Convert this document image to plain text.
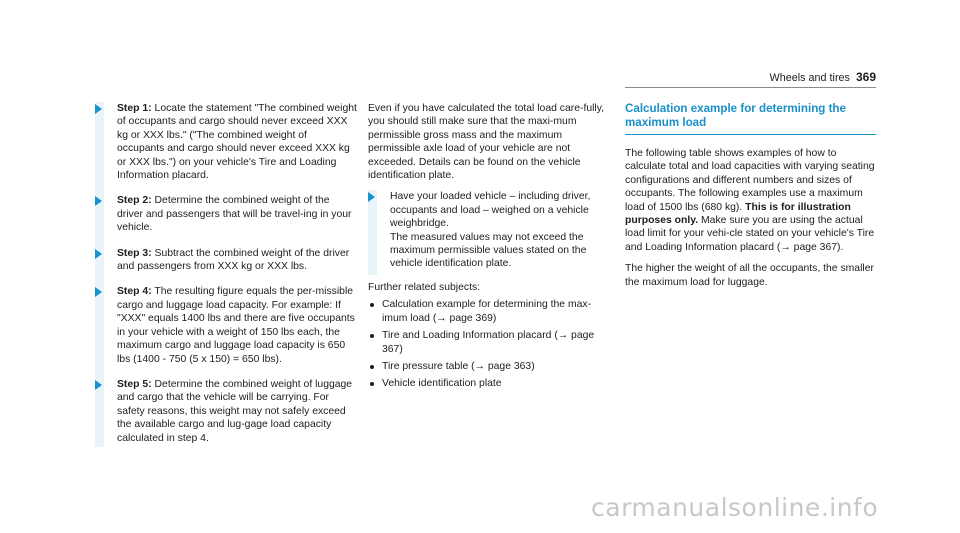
Wheels and tires 369
Step 1: Locate the statement "The combined weight of occupants and cargo should never exceed XXX kg or XXX lbs." ("The combined weight of occupants and cargo should never exceed XXX kg or XXX lbs.") on your vehicle's Tire and Loading Information placard.
Step 2: Determine the combined weight of the driver and passengers that will be travel‐ing in your vehicle.
Step 3: Subtract the combined weight of the driver and passengers from XXX kg or XXX lbs.
Step 4: The resulting figure equals the per‐missible cargo and luggage load capacity. For example: If "XXX" equals 1400 lbs and there are five occupants in your vehicle with a weight of 150 lbs each, the maximum cargo and luggage load capacity is 650 lbs (1400 - 750 (5 x 150) = 650 lbs).
Step 5: Determine the combined weight of luggage and cargo that the vehicle will be carrying. For safety reasons, this weight may not safely exceed the available cargo and lug‐gage load capacity calculated in step 4.

Even if you have calculated the total load care‐fully, you should still make sure that the maxi‐mum permissible gross mass and the maximum permissible axle load of your vehicle are not exceeded. Details can be found on the vehicle identification plate.

Have your loaded vehicle – including driver, occupants and load – weighed on a vehicle weighbridge.
The measured values may not exceed the maximum permissible values stated on the vehicle identification plate.

Further related subjects:

Calculation example for determining the max‐imum load (→ page 369)
Tire and Loading Information placard (→ page 367)
Tire pressure table (→ page 363)
Vehicle identification plate
Calculation example for determining the maximum load

The following table shows examples of how to calculate total and load capacities with varying seating configurations and different numbers and sizes of occupants. The following examples use a maximum load of 1500 lbs (680 kg). This is for illustration purposes only. Make sure you are using the actual load limit for your vehi‐cle stated on your vehicle's Tire and Loading Information placard (→ page 367).

The higher the weight of all the occupants, the smaller the maximum load for luggage.

carmanualsonline.info
